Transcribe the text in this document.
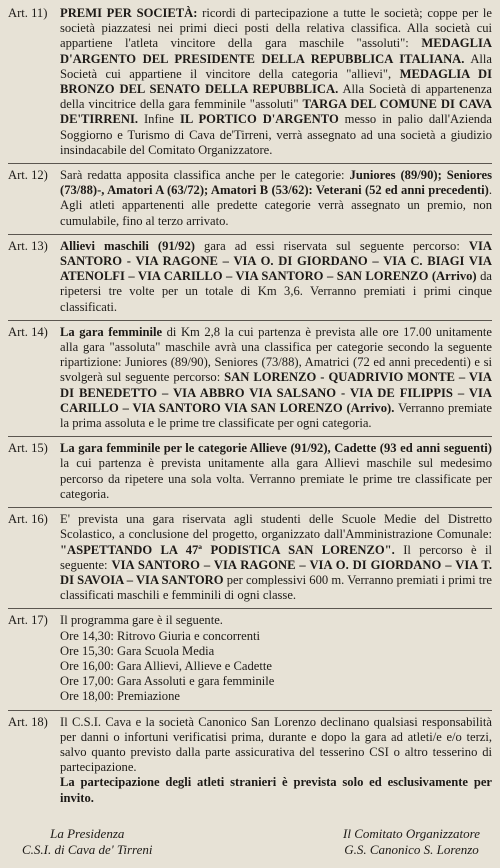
Art. 11) PREMI PER SOCIETÀ: ricordi di partecipazione a tutte le società; coppe per le società piazzatesi nei primi dieci posti della relativa classifica. Alla società cui appartiene l'atleta vincitore della gara maschile "assoluti": MEDAGLIA D'ARGENTO DEL PRESIDENTE DELLA REPUBBLICA ITALIANA. Alla Società cui appartiene il vincitore della categoria "allievi", MEDAGLIA DI BRONZO DEL SENATO DELLA REPUBBLICA. Alla Società di appartenenza della vincitrice della gara femminile "assoluti" TARGA DEL COMUNE DI CAVA DE'TIRRENI. Infine IL PORTICO D'ARGENTO messo in palio dall'Azienda Soggiorno e Turismo di Cava de'Tirreni, verrà assegnato ad una società a giudizio insindacabile del Comitato Organizzatore.
Art. 12) Sarà redatta apposita classifica anche per le categorie: Juniores (89/90); Seniores (73/88)-, Amatori A (63/72); Amatori B (53/62): Veterani (52 ed anni precedenti). Agli atleti appartenenti alle predette categorie verrà assegnato un premio, non cumulabile, fino al terzo arrivato.
Art. 13) Allievi maschili (91/92) gara ad essi riservata sul seguente percorso: VIA SANTORO - VIA RAGONE – VIA O. DI GIORDANO – VIA C. BIAGI VIA ATENOLFI – VIA CARILLO – VIA SANTORO – SAN LORENZO (Arrivo) da ripetersi tre volte per un totale di Km 3,6. Verranno premiati i primi cinque classificati.
Art. 14) La gara femminile di Km 2,8 la cui partenza è prevista alle ore 17.00 unitamente alla gara "assoluta" maschile avrà una classifica per categorie secondo la seguente ripartizione: Juniores (89/90), Seniores (73/88), Amatrici (72 ed anni precedenti) e si svolgerà sul seguente percorso: SAN LORENZO - QUADRIVIO MONTE – VIA DI BENEDETTO – VIA ABBRO VIA SALSANO - VIA DE FILIPPIS – VIA CARILLO – VIA SANTORO VIA SAN LORENZO (Arrivo). Verranno premiate la prima assoluta e le prime tre classificate per ogni categoria.
Art. 15) La gara femminile per le categorie Allieve (91/92), Cadette (93 ed anni seguenti) la cui partenza è prevista unitamente alla gara Allievi maschile sul medesimo percorso da ripetere una sola volta. Verranno premiate le prime tre classificate per categoria.
Art. 16) E' prevista una gara riservata agli studenti delle Scuole Medie del Distretto Scolastico, a conclusione del progetto, organizzato dall'Amministrazione Comunale: "ASPETTANDO LA 47ª PODISTICA SAN LORENZO". Il percorso è il seguente: VIA SANTORO – VIA RAGONE – VIA O. DI GIORDANO – VIA T. DI SAVOIA – VIA SANTORO per complessivi 600 m. Verranno premiati i primi tre classificati maschili e femminili di ogni classe.
Art. 17) Il programma gare è il seguente.
Ore 14,30: Ritrovo Giuria e concorrenti
Ore 15,30: Gara Scuola Media
Ore 16,00: Gara Allievi, Allieve e Cadette
Ore 17,00: Gara Assoluti e gara femminile
Ore 18,00: Premiazione
Art. 18) Il C.S.I. Cava e la società Canonico San Lorenzo declinano qualsiasi responsabilità per danni o infortuni verificatisi prima, durante e dopo la gara ad atleti/e e/o terzi, salvo quanto previsto dalla parte assicurativa del tesserino CSI o altro tesserino di partecipazione.
La partecipazione degli atleti stranieri è prevista solo ed esclusivamente per invito.
La Presidenza
C.S.I. di Cava de' Tirreni
Il Comitato Organizzatore
G.S. Canonico S. Lorenzo
